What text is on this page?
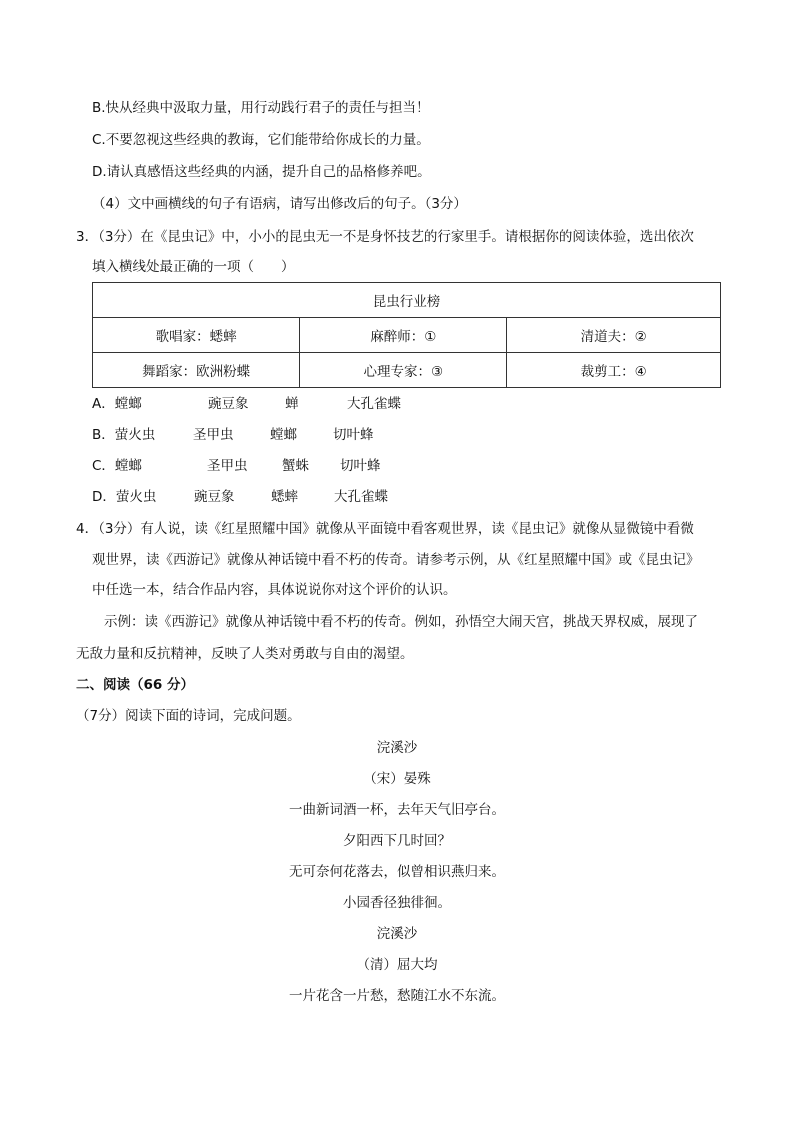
B.快从经典中汲取力量，用行动践行君子的责任与担当！
C.不要忽视这些经典的教诲，它们能带给你成长的力量。
D.请认真感悟这些经典的内涵，提升自己的品格修养吧。
（4）文中画横线的句子有语病，请写出修改后的句子。（3分）
3．（3分）在《昆虫记》中，小小的昆虫无一不是身怀技艺的行家里手。请根据你的阅读体验，选出依次
填入横线处最正确的一项（　　）
昆虫行业榜		
歌唱家：蟋蟀	麻醉师：①	清道夫：②
舞蹈家：欧洲粉蝶	心理专家：③	裁剪工：④
A．螳螂	豌豆象	蝉	大孔雀蝶
B．萤火虫	圣甲虫	螳螂	切叶蜂
C．螳螂	圣甲虫	蟹蛛 切叶蜂
D．萤火虫	豌豆象	蟋蟀	大孔雀蝶
4．（3分）有人说，读《红星照耀中国》就像从平面镜中看客观世界，读《昆虫记》就像从显微镜中看微
观世界，读《西游记》就像从神话镜中看不朽的传奇。请参考示例，从《红星照耀中国》或《昆虫记》
中任选一本，结合作品内容，具体说说你对这个评价的认识。
示例：读《西游记》就像从神话镜中看不朽的传奇。例如，孙悟空大闹天宫，挑战天界权威，展现了
无敌力量和反抗精神，反映了人类对勇敢与自由的渴望。
二、阅读（66 分）
（7分）阅读下面的诗词，完成问题。
浣溪沙
（宋）晏殊
一曲新词酒一杯，去年天气旧亭台。
夕阳西下几时回？
无可奈何花落去，似曾相识燕归来。
小园香径独徘徊。
浣溪沙
（清）屈大均
一片花含一片愁，愁随江水不东流。
